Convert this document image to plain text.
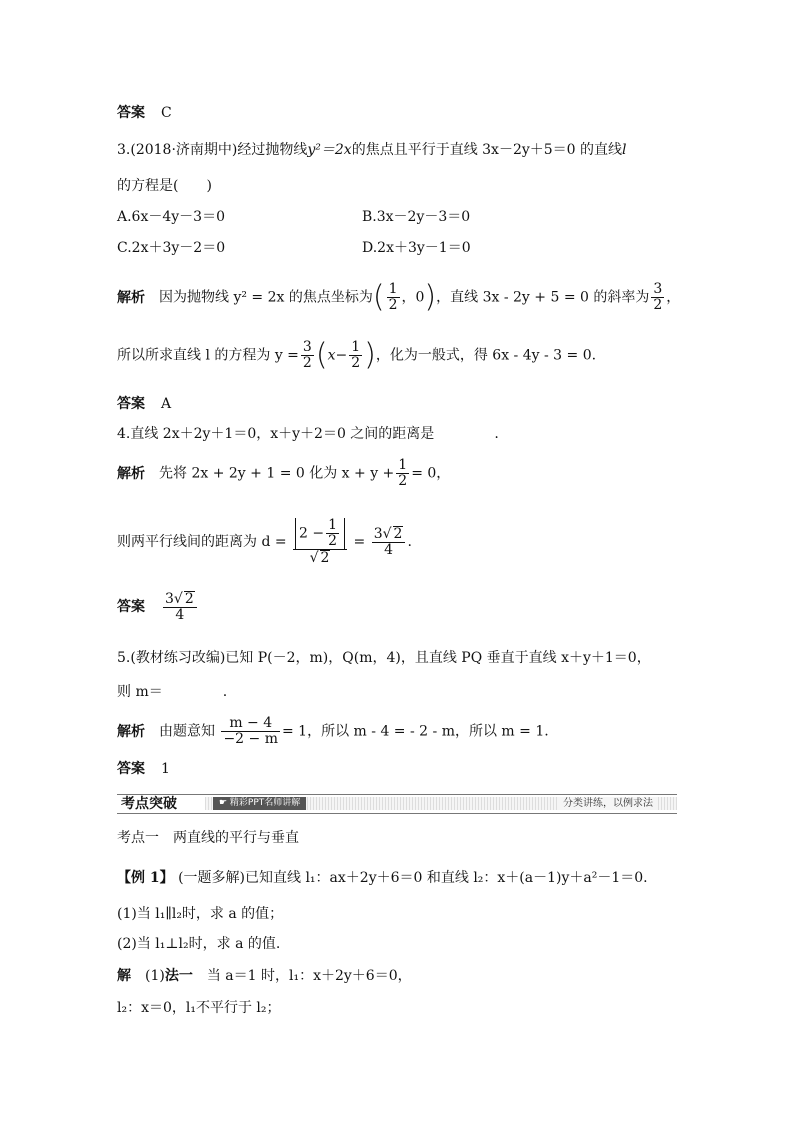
答案 C
3.(2018·济南期中)经过抛物线y²＝2x的焦点且平行于直线 3x－2y＋5＝0 的直线l
的方程是(　　)
A.6x－4y－3＝0	B.3x－2y－3＝0
C.2x＋3y－2＝0	D.2x＋3y－1＝0
解析 因为抛物线 y² = 2x 的焦点坐标为( $\frac{1}{2}$ ，0)，直线 3x - 2y + 5 = 0 的斜率为 $\frac{3}{2}$ ，
所以所求直线 l 的方程为 $y = \frac{3}{2} (x- \frac{1}{2}$ )，化为一般式，得 6x - 4y - 3 = 0.
答案 A
4.直线 2x＋2y＋1＝0，x＋y＋2＝0 之间的距离是	.
解析 先将 2x + 2y + 1 = 0 化为 $x + y + \frac{1}{2} = 0$，
则两平行线间的距离为 $d = \frac{2 - \frac{1}{2}}{√ 2} = \frac{3√ 2}{4}$ .
答案 $\frac{3√ 2}{4}$
5.(教材练习改编)已知 P(－2，m)，Q(m，4)，且直线 PQ 垂直于直线 x＋y＋1＝0，
则 m＝	.
解析 由题意知 $\frac{m - 4}{-2 - m} = 1$，所以 m - 4 = - 2 - m，所以 m = 1.
答案 1
考点突破	☛ 精彩PPT名师讲解	分类讲练，以例求法
考点一　两直线的平行与垂直
【例 1】 (一题多解)已知直线 l₁：ax＋2y＋6＝0 和直线 l₂：x＋(a－1)y＋a²－1＝0.
(1)当 l₁∥l₂时，求 a 的值；
(2)当 l₁⊥l₂时，求 a 的值.
解　 (1)法一　 当 a＝1 时，l₁：x＋2y＋6＝0，
l₂：x＝0，l₁不平行于 l₂；
